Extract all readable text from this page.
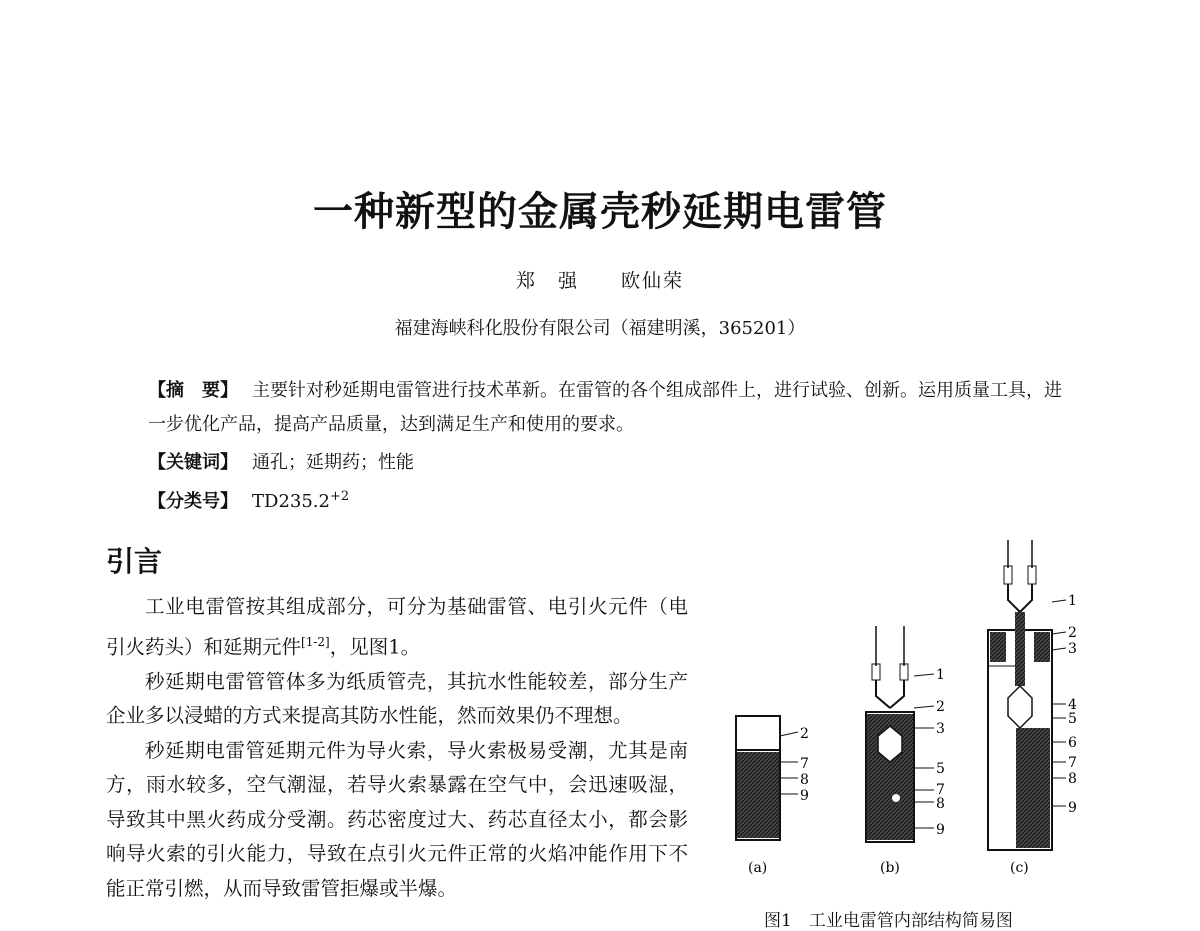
一种新型的金属壳秒延期电雷管
郑　强　　欧仙荣
福建海峡科化股份有限公司（福建明溪，365201）
【摘　要】 主要针对秒延期电雷管进行技术革新。在雷管的各个组成部件上，进行试验、创新。运用质量工具，进一步优化产品，提高产品质量，达到满足生产和使用的要求。
【关键词】 通孔；延期药；性能
【分类号】 $TD235.2^{+2}$
引言

工业电雷管按其组成部分，可分为基础雷管、电引火元件（电引火药头）和延期元件[1-2]，见图1。

秒延期电雷管管体多为纸质管壳，其抗水性能较差，部分生产企业多以浸蜡的方式来提高其防水性能，然而效果仍不理想。

秒延期电雷管延期元件为导火索，导火索极易受潮，尤其是南方，雨水较多，空气潮湿，若导火索暴露在空气中，会迅速吸湿，导致其中黑火药成分受潮。药芯密度过大、药芯直径太小，都会影响导火索的引火能力，导致在点引火元件正常的火焰冲能作用下不能正常引燃，从而导致雷管拒爆或半爆。

2
7
8
9
(a)
1
2
3
5
7
8
9
(b)
1
2
3
4
5
6
7
8
9
(c)
图1　工业电雷管内部结构简易图
